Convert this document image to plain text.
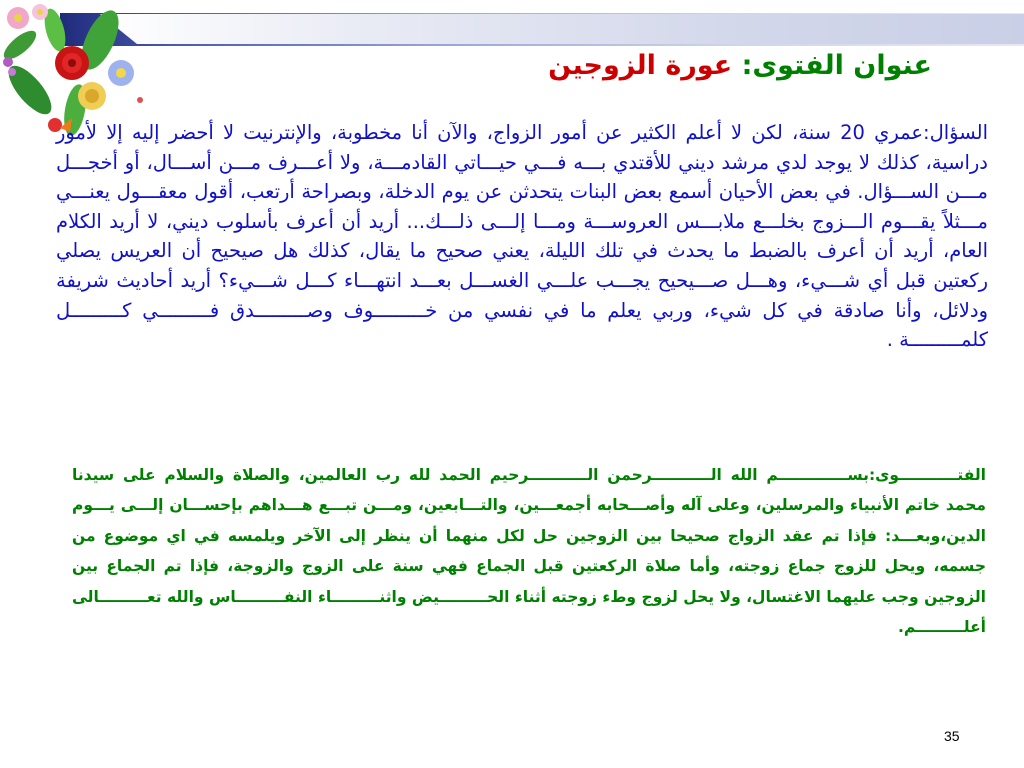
عنوان الفتوى: عورة الزوجين
السؤال:عمري 20 سنة، لكن لا أعلم الكثير عن أمور الزواج، والآن أنا مخطوبة، والإنترنيت لا أحضر إليه إلا لأمور دراسية، كذلك لا يوجد لدي مرشد ديني للأقتدي بـــه فـــي حيـــاتي القادمـــة، ولا أعـــرف مـــن أســـال، أو أخجـــل مـــن الســـؤال. في بعض الأحيان أسمع بعض البنات يتحدثن عن يوم الدخلة، وبصراحة أرتعب، أقول معقـــول يعنـــي مـــثلاً يقـــوم الـــزوج بخلـــع ملابـــس العروســـة ومـــا إلـــى ذلـــك... أريد أن أعرف بأسلوب ديني، لا أريد الكلام العام، أريد أن أعرف بالضبط ما يحدث في تلك الليلة، يعني صحيح ما يقال، كذلك هل صيحيح أن العريس يصلي ركعتين قبل أي شـــيء، وهـــل صـــيحيح يجـــب علـــي الغســـل بعـــد انتهـــاء كـــل شـــيء؟ أريد أحاديث شريفة ودلائل، وأنا صادقة في كل شيء، وربي يعلم ما في نفسي من خـــــــــوف وصـــــــــدق فـــــــــي كـــــــــل كلمـــــــــة .
الفتـــــــــــوى:بســـــــــــــم الله الـــــــــــرحمن الـــــــــــرحيم الحمد لله رب العالمين، والصلاة والسلام على سيدنا محمد خاتم الأنبياء والمرسلين، وعلى آله وأصـــحابه أجمعـــين، والتـــابعين، ومـــن تبـــع هـــداهم بإحســـان إلـــى يـــوم الدين،وبعـــد: فإذا تم عقد الزواج صحيحا بين الزوجين حل لكل منهما أن ينظر إلى الآخر ويلمسه في اي موضوع من جسمه، ويحل للزوج جماع زوجته، وأما صلاة الركعتين قبل الجماع فهي سنة على الزوج والزوجة، فإذا تم الجماع بين الزوجين وجب عليهما الاغتسال، ولا يحل لزوج وطء زوجته أثناء الحـــــــــيض واثنـــــــــاء النفـــــــــاس والله تعـــــــــالى أعلـــــــــم.
35
